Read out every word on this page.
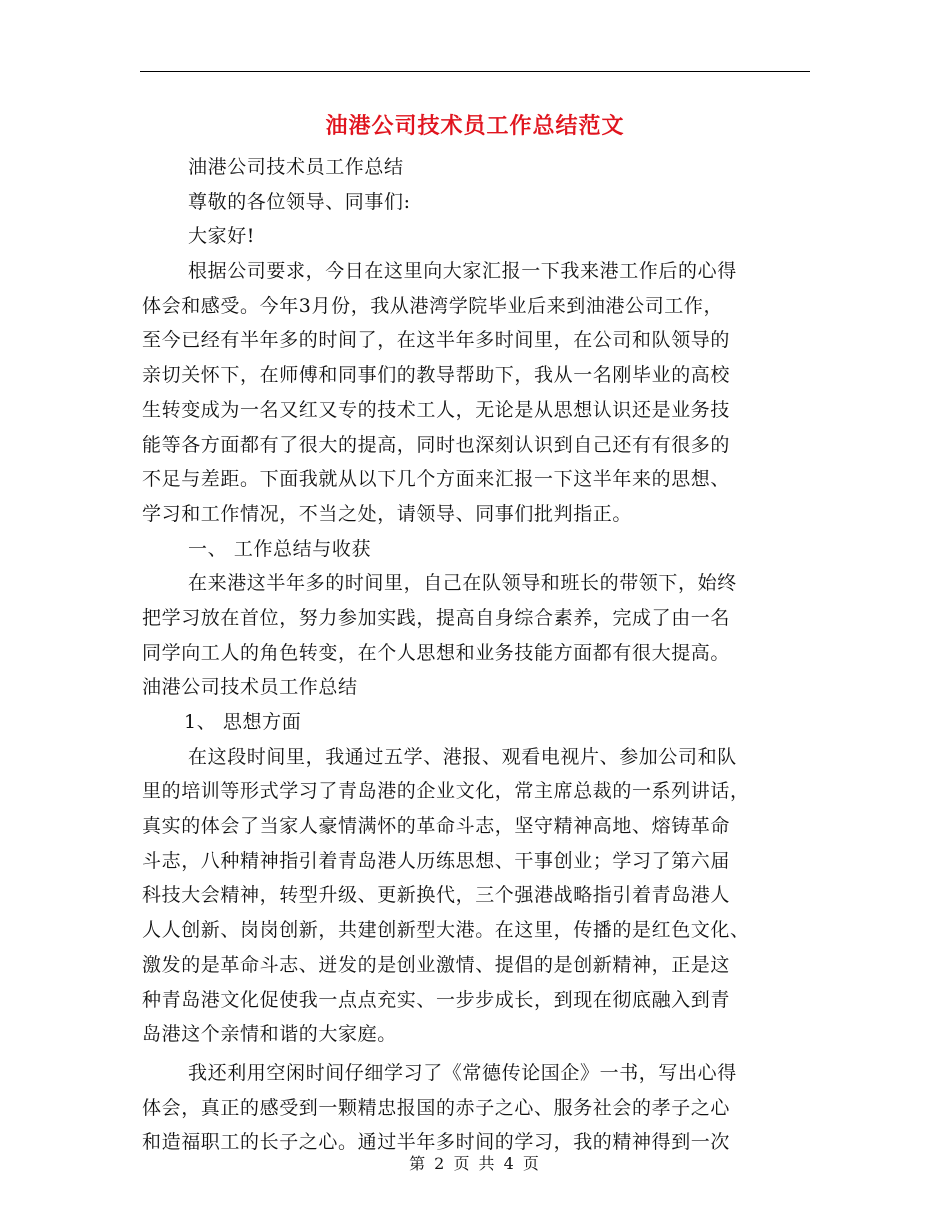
油港公司技术员工作总结范文
油港公司技术员工作总结
尊敬的各位领导、同事们:
大家好!
根据公司要求，今日在这里向大家汇报一下我来港工作后的心得
体会和感受。今年3月份，我从港湾学院毕业后来到油港公司工作，
至今已经有半年多的时间了，在这半年多时间里，在公司和队领导的
亲切关怀下，在师傅和同事们的教导帮助下，我从一名刚毕业的高校
生转变成为一名又红又专的技术工人，无论是从思想认识还是业务技
能等各方面都有了很大的提高，同时也深刻认识到自己还有有很多的
不足与差距。下面我就从以下几个方面来汇报一下这半年来的思想、
学习和工作情况，不当之处，请领导、同事们批判指正。
一、 工作总结与收获
在来港这半年多的时间里，自己在队领导和班长的带领下，始终
把学习放在首位，努力参加实践，提高自身综合素养，完成了由一名
同学向工人的角色转变，在个人思想和业务技能方面都有很大提高。
油港公司技术员工作总结
1、 思想方面
在这段时间里，我通过五学、港报、观看电视片、参加公司和队
里的培训等形式学习了青岛港的企业文化，常主席总裁的一系列讲话，
真实的体会了当家人豪情满怀的革命斗志，坚守精神高地、熔铸革命
斗志，八种精神指引着青岛港人历练思想、干事创业；学习了第六届
科技大会精神，转型升级、更新换代，三个强港战略指引着青岛港人
人人创新、岗岗创新，共建创新型大港。在这里，传播的是红色文化、
激发的是革命斗志、迸发的是创业激情、提倡的是创新精神，正是这
种青岛港文化促使我一点点充实、一步步成长，到现在彻底融入到青
岛港这个亲情和谐的大家庭。
我还利用空闲时间仔细学习了《常德传论国企》一书，写出心得
体会，真正的感受到一颗精忠报国的赤子之心、服务社会的孝子之心
和造福职工的长子之心。通过半年多时间的学习，我的精神得到一次
第 2 页 共 4 页
